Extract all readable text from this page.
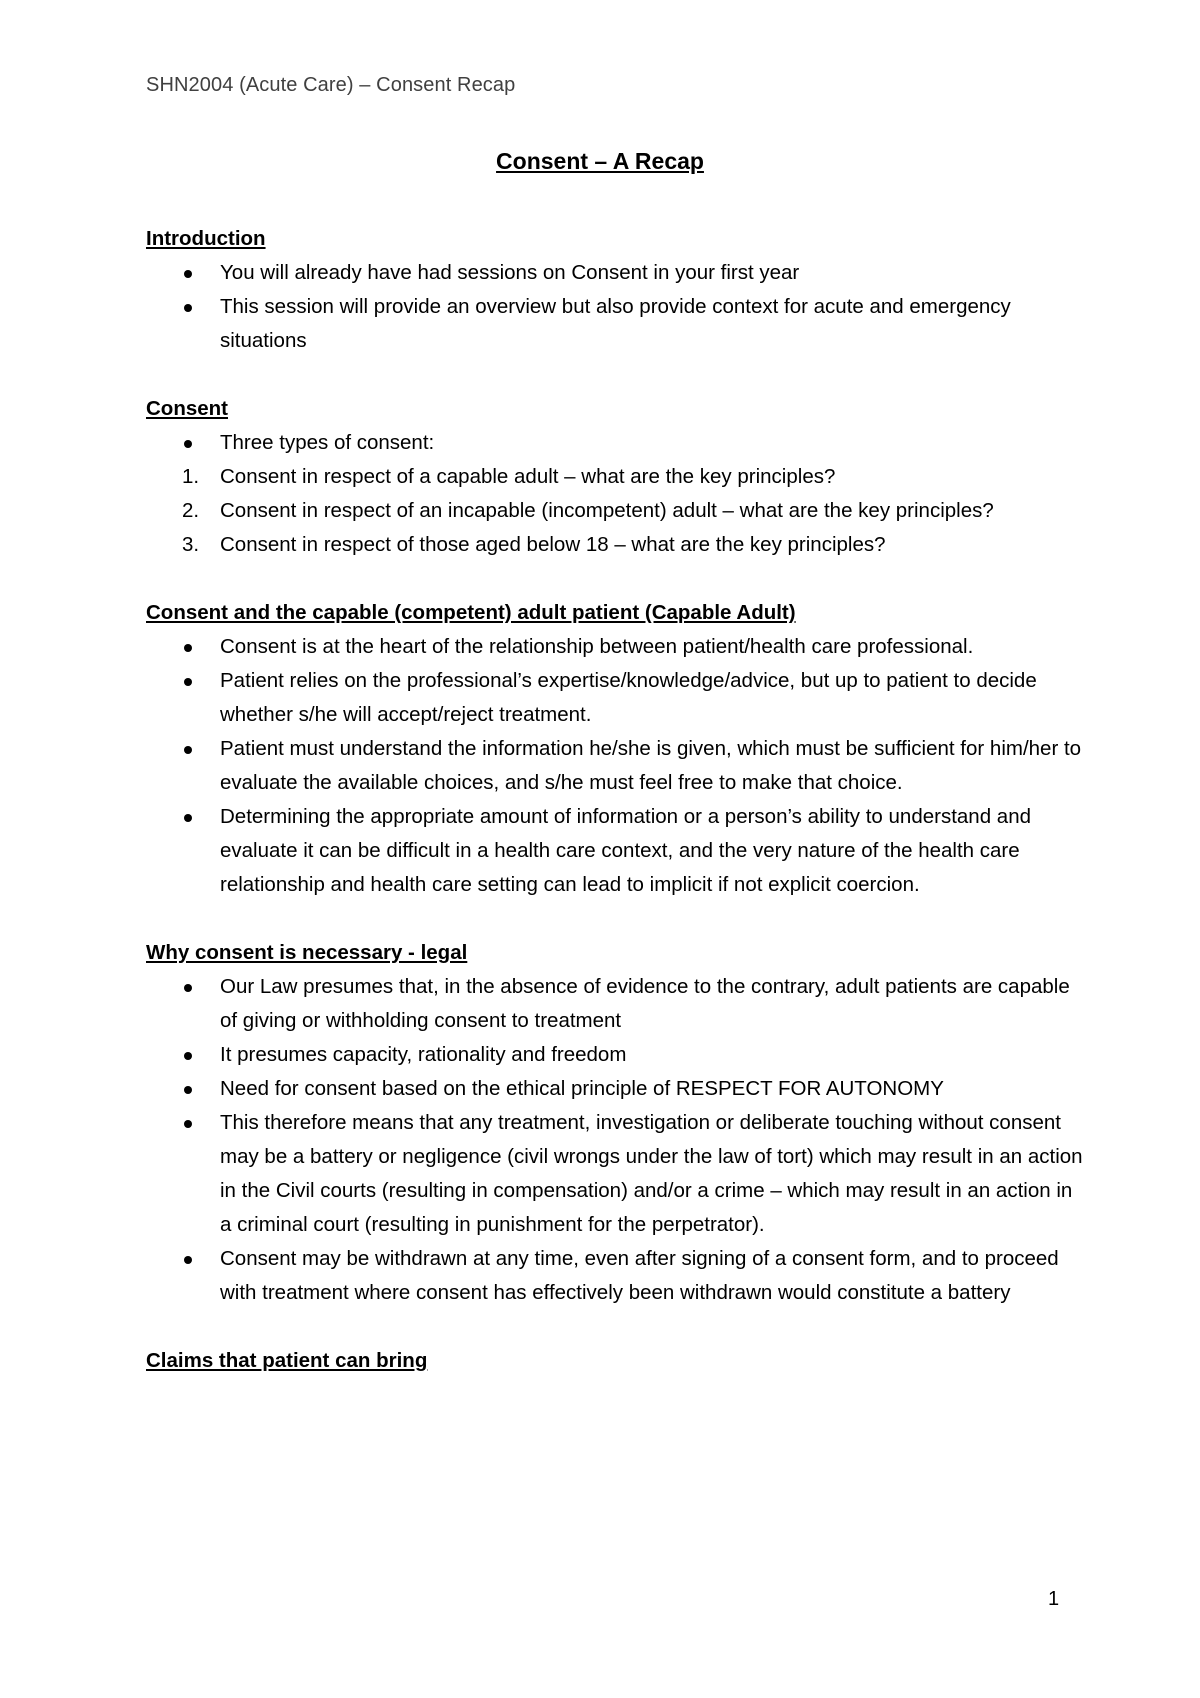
SHN2004 (Acute Care) – Consent Recap
Consent – A Recap
Introduction
You will already have had sessions on Consent in your first year
This session will provide an overview but also provide context for acute and emergency situations
Consent
Three types of consent:
1.	Consent in respect of a capable adult – what are the key principles?
2.	Consent in respect of an incapable (incompetent) adult – what are the key principles?
3.	Consent in respect of those aged below 18 – what are the key principles?
Consent and the capable (competent) adult patient (Capable Adult)
Consent is at the heart of the relationship between patient/health care professional.
Patient relies on the professional’s expertise/knowledge/advice, but up to patient to decide whether s/he will accept/reject treatment.
Patient must understand the information he/she is given, which must be sufficient for him/her to evaluate the available choices, and s/he must feel free to make that choice.
Determining the appropriate amount of information or a person’s ability to understand and evaluate it can be difficult in a health care context, and the very nature of the health care relationship and health care setting can lead to implicit if not explicit coercion.
Why consent is necessary - legal
Our Law presumes that, in the absence of evidence to the contrary, adult patients are capable of giving or withholding consent to treatment
It presumes capacity, rationality and freedom
Need for consent based on the ethical principle of RESPECT FOR AUTONOMY
This therefore means that any treatment, investigation or deliberate touching without consent may be a battery or negligence (civil wrongs under the law of tort) which may result in an action in the Civil courts (resulting in compensation) and/or a crime – which may result in an action in a criminal court (resulting in punishment for the perpetrator).
Consent may be withdrawn at any time, even after signing of a consent form, and to proceed with treatment where consent has effectively been withdrawn would constitute a battery
Claims that patient can bring
1
